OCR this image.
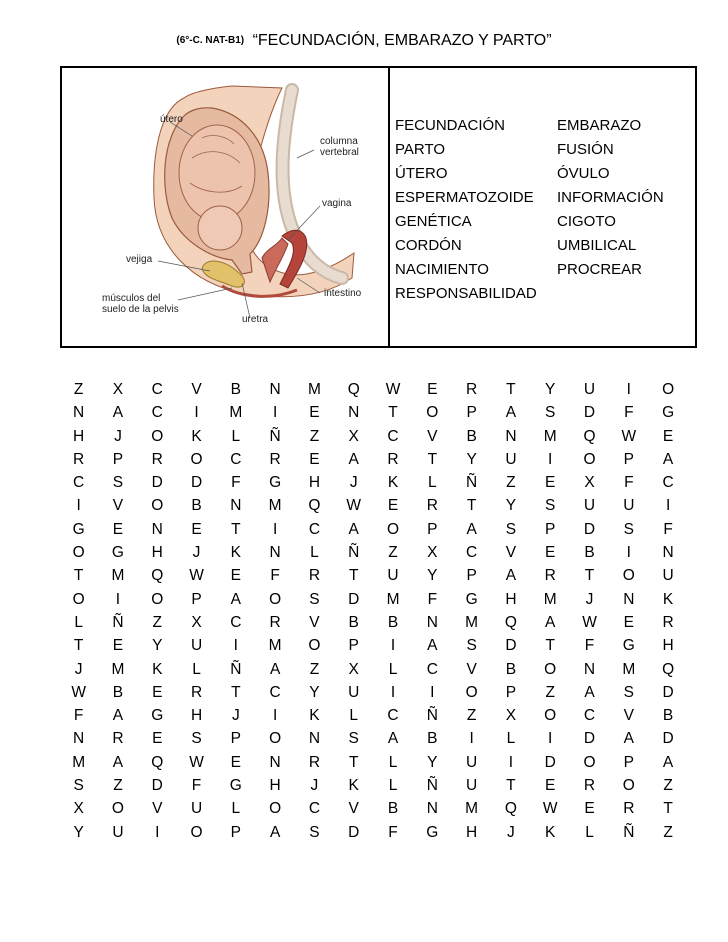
(6°-C. NAT-B1) “FECUNDACIÓN, EMBARAZO Y PARTO”
útero
columna
vertebral
vagina
vejiga
intestino
músculos del
suelo de la pelvis
uretra
FECUNDACIÓN	EMBARAZO
PARTO	FUSIÓN
ÚTERO	ÓVULO
ESPERMATOZOIDE INFORMACIÓN
GENÉTICA	CIGOTO
CORDÓN	UMBILICAL
NACIMIENTO	PROCREAR
RESPONSABILIDAD
Z	X	C	V	B	N	M	Q	W	E	R	T	Y	U	I	O
N	A	C	I	M	I	E	N	T	O	P	A	S	D	F	G
H	J	O	K	L	Ñ	Z	X	C	V	B	N	M	Q	W	E
R	P	R	O	C	R	E	A	R	T	Y	U	I	O	P	A
C	S	D	D	F	G	H	J	K	L	Ñ	Z	E	X	F	C
I	V	O	B	N	M	Q	W	E	R	T	Y	S	U	U	I
G	E	N	E	T	I	C	A	O	P	A	S	P	D	S	F
O	G	H	J	K	N	L	Ñ	Z	X	C	V	E	B	I	N
T	M	Q	W	E	F	R	T	U	Y	P	A	R	T	O	U
O	I	O	P	A	O	S	D	M	F	G	H	M	J	N	K
L	Ñ	Z	X	C	R	V	B	B	N	M	Q	A	W	E	R
T	E	Y	U	I	M	O	P	I	A	S	D	T	F	G	H
J	M	K	L	Ñ	A	Z	X	L	C	V	B	O	N	M	Q
W	B	E	R	T	C	Y	U	I	I	O	P	Z	A	S	D
F	A	G	H	J	I	K	L	C	Ñ	Z	X	O	C	V	B
N	R	E	S	P	O	N	S	A	B	I	L	I	D	A	D
M	A	Q	W	E	N	R	T	L	Y	U	I	D	O	P	A
S	Z	D	F	G	H	J	K	L	Ñ	U	T	E	R	O	Z
X	O	V	U	L	O	C	V	B	N	M	Q	W	E	R	T
Y	U	I	O	P	A	S	D	F	G	H	J	K	L	Ñ	Z
